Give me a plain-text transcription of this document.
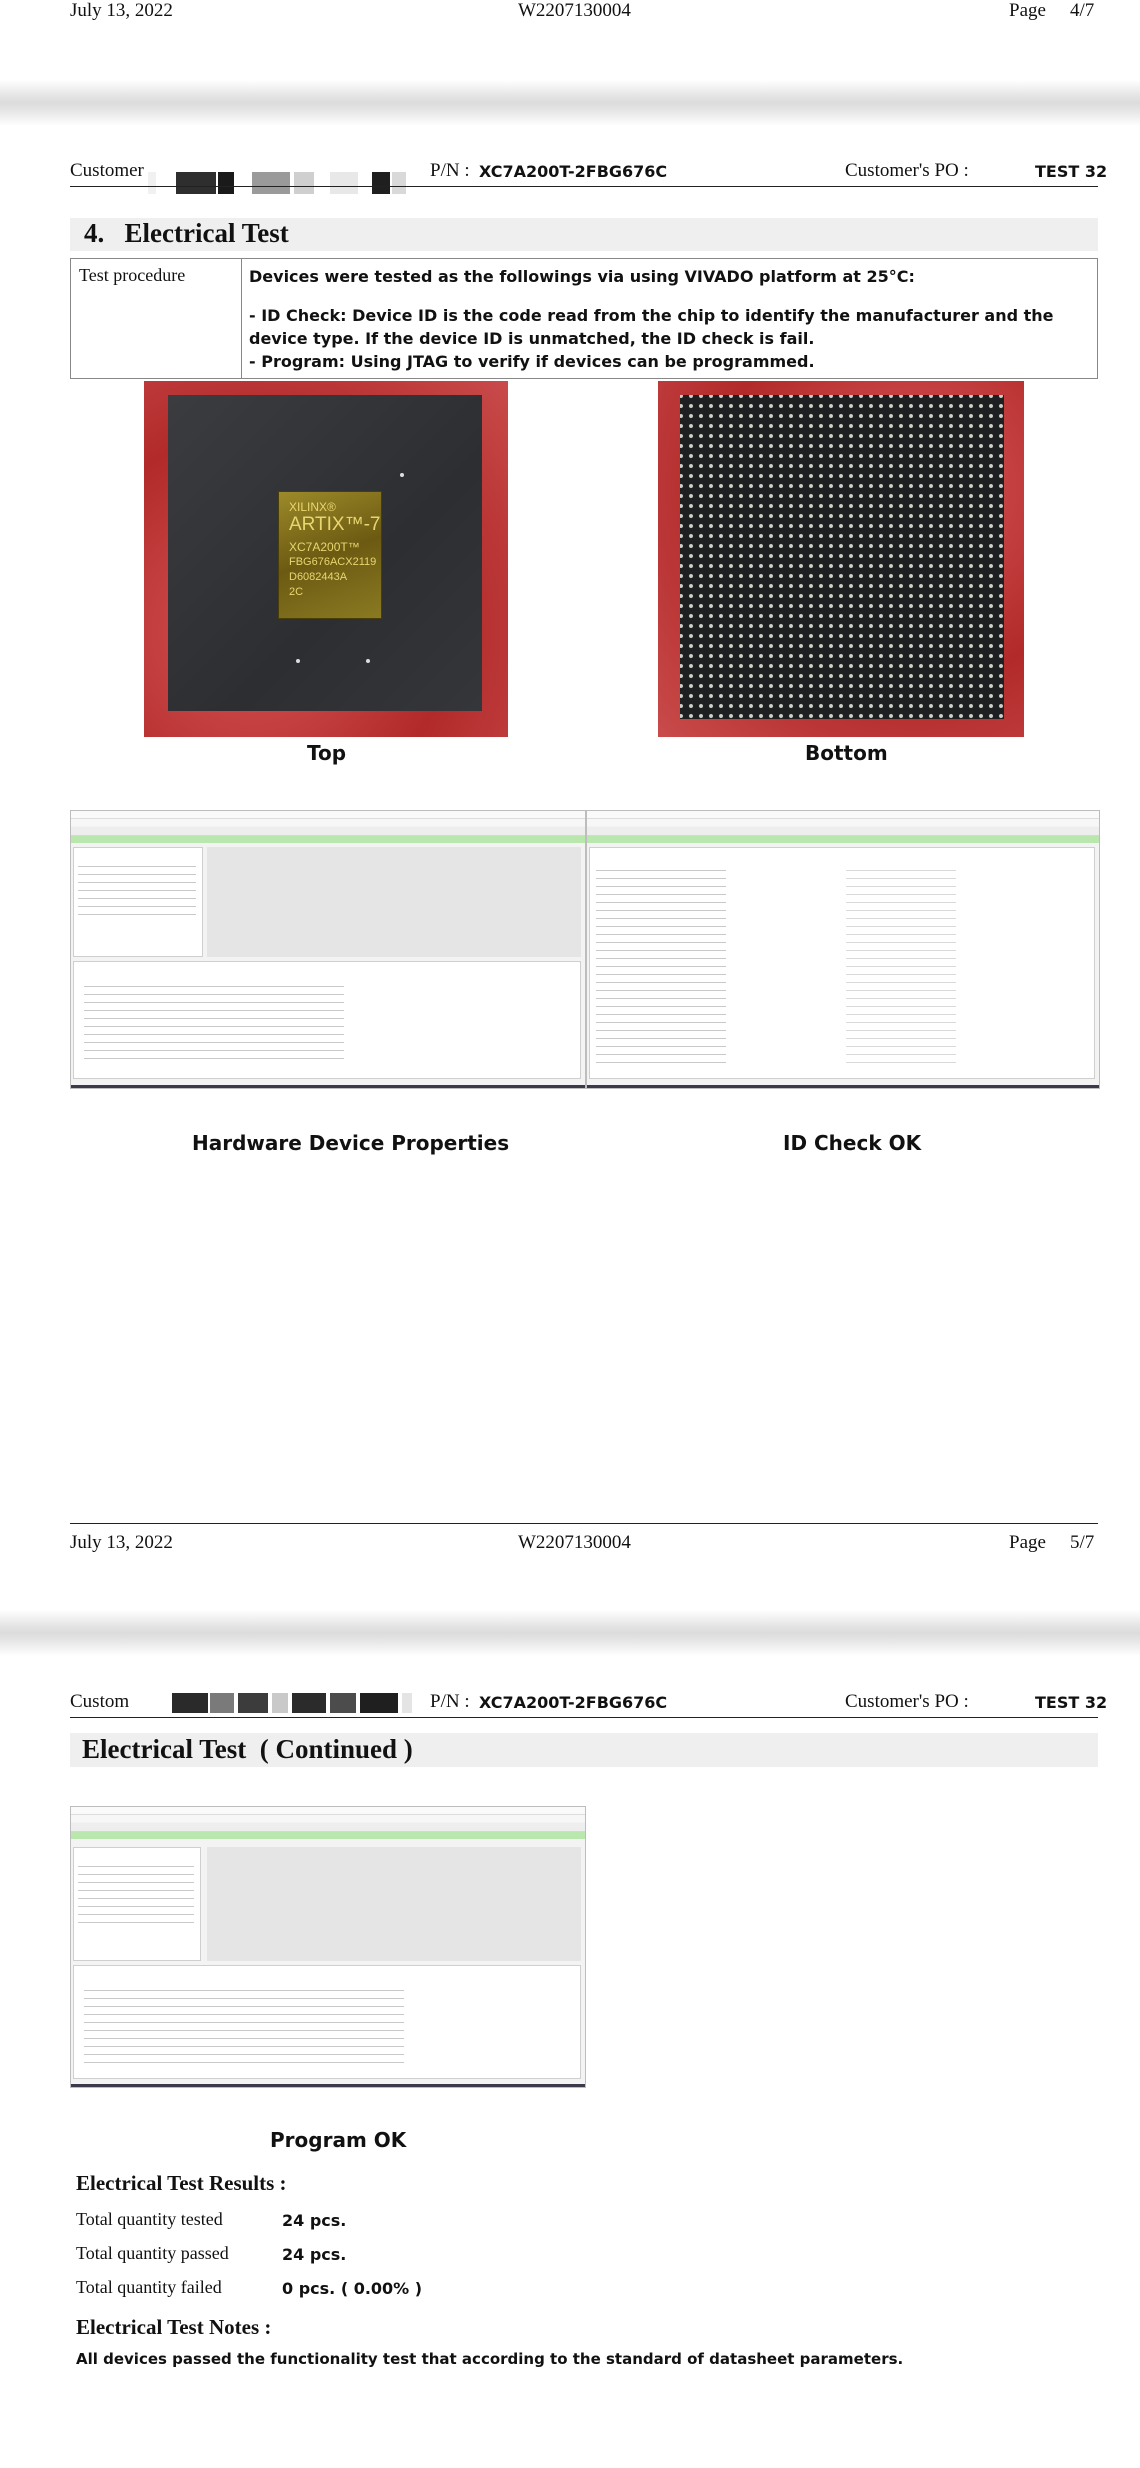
July 13, 2022	W2207130004	Page 4/7
Customer	P/N : XC7A200T-2FBG676C	Customer's PO :	TEST 32
4.   Electrical Test
Test procedure	Devices were tested as the followings via using VIVADO platform at 25°C:
- ID Check: Device ID is the code read from the chip to identify the manufacturer and the device type. If the device ID is unmatched, the ID check is fail.
- Program: Using JTAG to verify if devices can be programmed.
XILINX®
ARTIX™-7
XC7A200T™
FBG676ACX2119
D6082443A
2C
Top	Bottom
Hardware Device Properties	ID Check OK
July 13, 2022	W2207130004	Page 5/7
Custom	P/N : XC7A200T-2FBG676C	Customer's PO :	TEST 32
Electrical Test  ( Continued )
Program OK
Electrical Test Results :
Total quantity tested	24 pcs.
Total quantity passed	24 pcs.
Total quantity failed	0 pcs. ( 0.00% )
Electrical Test Notes :
All devices passed the functionality test that according to the standard of datasheet parameters.
